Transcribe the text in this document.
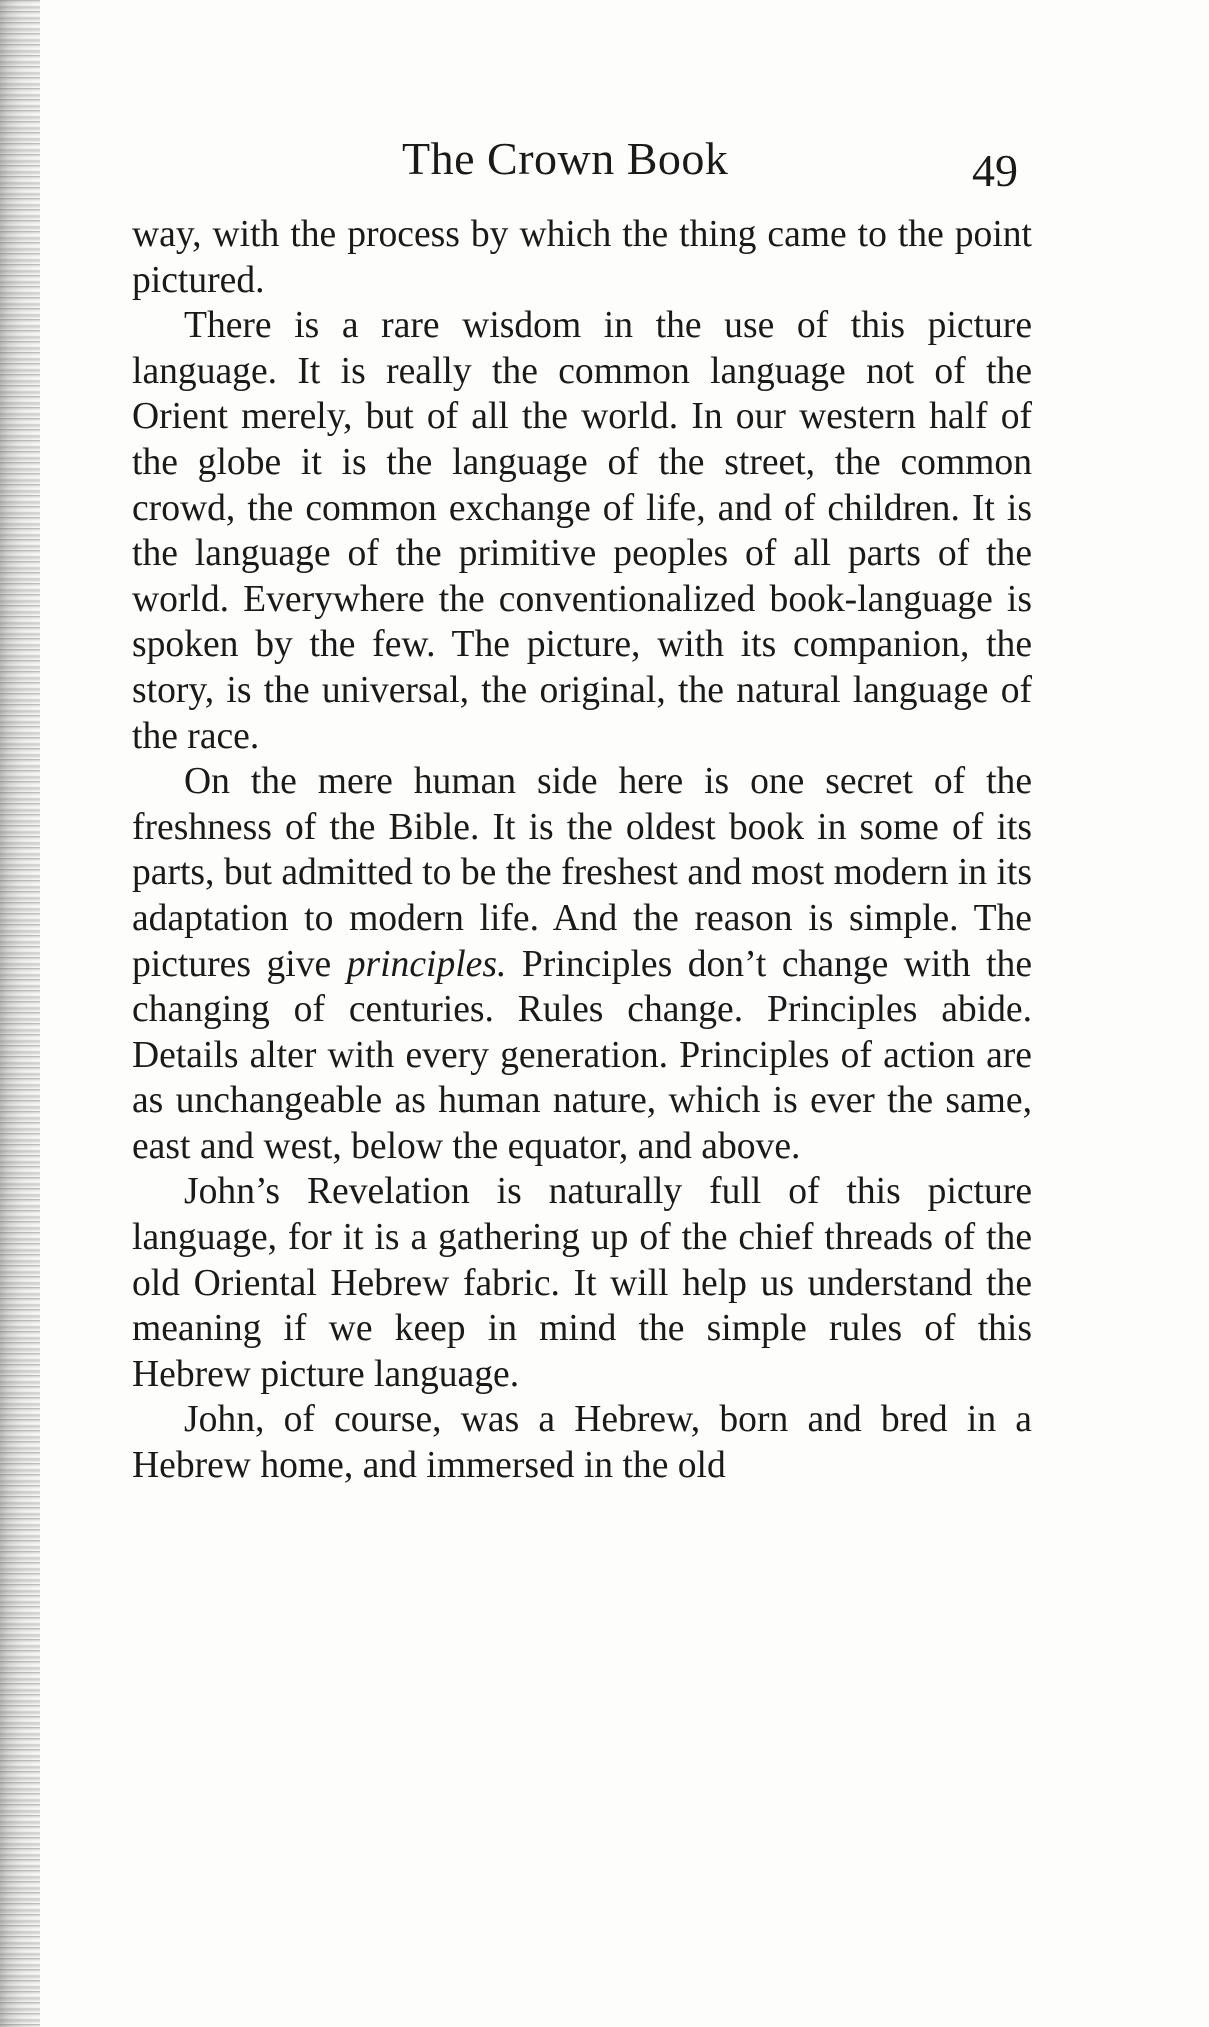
The Crown Book	49

way, with the process by which the thing came to the point pictured.

There is a rare wisdom in the use of this picture language. It is really the common language not of the Orient merely, but of all the world. In our western half of the globe it is the language of the street, the common crowd, the common exchange of life, and of children. It is the language of the primitive peoples of all parts of the world. Everywhere the conventionalized book-language is spoken by the few. The picture, with its companion, the story, is the universal, the original, the natural language of the race.

On the mere human side here is one secret of the freshness of the Bible. It is the oldest book in some of its parts, but admitted to be the freshest and most modern in its adaptation to modern life. And the reason is simple. The pictures give principles. Principles don’t change with the changing of centuries. Rules change. Principles abide. Details alter with every generation. Principles of action are as unchangeable as human nature, which is ever the same, east and west, below the equator, and above.

John’s Revelation is naturally full of this picture language, for it is a gathering up of the chief threads of the old Oriental Hebrew fabric. It will help us understand the meaning if we keep in mind the simple rules of this Hebrew picture language.

John, of course, was a Hebrew, born and bred in a Hebrew home, and immersed in the old
